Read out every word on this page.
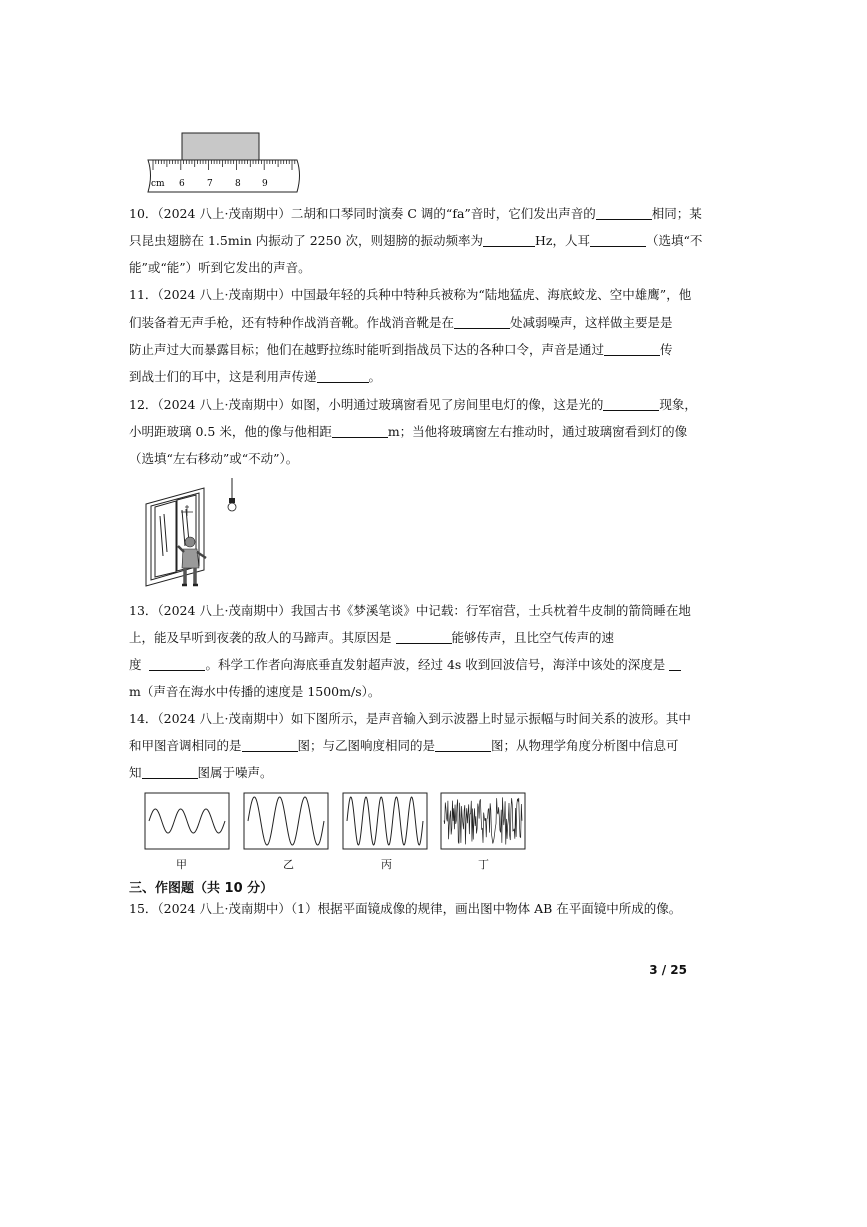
cm 6 7 8 9
10．（2024 八上·茂南期中）二胡和口琴同时演奏 C 调的“fa”音时，它们发出声音的	相同；某
只昆虫翅膀在 1.5min 内振动了 2250 次，则翅膀的振动频率为	Hz，人耳	（选填“不
能”或“能”）听到它发出的声音。
11．（2024 八上·茂南期中）中国最年轻的兵种中特种兵被称为“陆地猛虎、海底蛟龙、空中雄鹰”，他
们装备着无声手枪，还有特种作战消音靴。作战消音靴是在	处减弱噪声，这样做主要是是
防止声过大而暴露目标；他们在越野拉练时能听到指战员下达的各种口令，声音是通过	传
到战士们的耳中，这是利用声传递	。
12．（2024 八上·茂南期中）如图，小明通过玻璃窗看见了房间里电灯的像，这是光的	现象，
小明距玻璃 0.5 米，他的像与他相距	m；当他将玻璃窗左右推动时，通过玻璃窗看到灯的像
（选填“左右移动”或“不动”）。
13．（2024 八上·茂南期中）我国古书《梦溪笔谈》中记载：行军宿营，士兵枕着牛皮制的箭筒睡在地
上，能及早听到夜袭的敌人的马蹄声。其原因是	能够传声，且比空气传声的速
度	。科学工作者向海底垂直发射超声波，经过 4s 收到回波信号，海洋中该处的深度是
m（声音在海水中传播的速度是 1500m/s）。
14．（2024 八上·茂南期中）如下图所示，是声音输入到示波器上时显示振幅与时间关系的波形。其中
和甲图音调相同的是	图；与乙图响度相同的是	图；从物理学角度分析图中信息可
知	图属于噪声。
甲	乙	丙	丁
三、作图题（共 10 分）
15．（2024 八上·茂南期中）（1）根据平面镜成像的规律，画出图中物体 AB 在平面镜中所成的像。
3 / 25
